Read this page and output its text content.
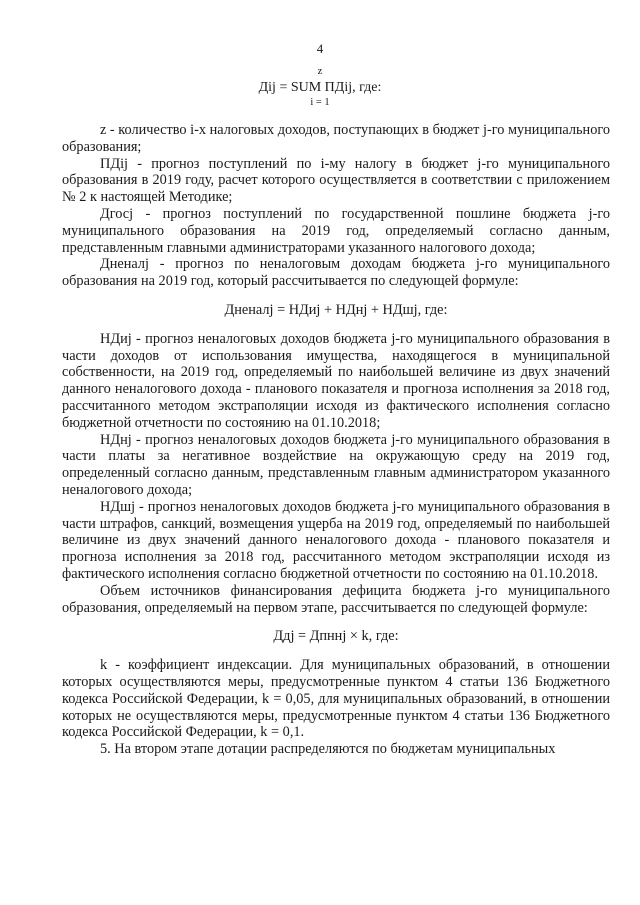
4
z
Дij = SUM ПДij, где:
i = 1

z - количество i-х налоговых доходов, поступающих в бюджет j-го муниципального образования;

ПДij - прогноз поступлений по i-му налогу в бюджет j-го муниципального образования в 2019 году, расчет которого осуществляется в соответствии с приложением № 2 к настоящей Методике;

Дгосj - прогноз поступлений по государственной пошлине бюджета j-го муниципального образования на 2019 год, определяемый согласно данным, представленным главными администраторами указанного налогового дохода;

Дненалj - прогноз по неналоговым доходам бюджета j-го муниципального образования на 2019 год, который рассчитывается по следующей формуле:

Дненалj = НДиj + НДнj + НДшj, где:

НДиj - прогноз неналоговых доходов бюджета j-го муниципального образования в части доходов от использования имущества, находящегося в муниципальной собственности, на 2019 год, определяемый по наибольшей величине из двух значений данного неналогового дохода - планового показателя и прогноза исполнения за 2018 год, рассчитанного методом экстраполяции исходя из фактического исполнения согласно бюджетной отчетности по состоянию на 01.10.2018;

НДнj - прогноз неналоговых доходов бюджета j-го муниципального образования в части платы за негативное воздействие на окружающую среду на 2019 год, определенный согласно данным, представленным главным администратором указанного неналогового дохода;

НДшj - прогноз неналоговых доходов бюджета j-го муниципального образования в части штрафов, санкций, возмещения ущерба на 2019 год, определяемый по наибольшей величине из двух значений данного неналогового дохода - планового показателя и прогноза исполнения за 2018 год, рассчитанного методом экстраполяции исходя из фактического исполнения согласно бюджетной отчетности по состоянию на 01.10.2018.

Объем источников финансирования дефицита бюджета j-го муниципального образования, определяемый на первом этапе, рассчитывается по следующей формуле:

Ддj = Дпннj × k, где:

k - коэффициент индексации. Для муниципальных образований, в отношении которых осуществляются меры, предусмотренные пунктом 4 статьи 136 Бюджетного кодекса Российской Федерации, k = 0,05, для муниципальных образований, в отношении которых не осуществляются меры, предусмотренные пунктом 4 статьи 136 Бюджетного кодекса Российской Федерации, k = 0,1.

5. На втором этапе дотации распределяются по бюджетам муниципальных
